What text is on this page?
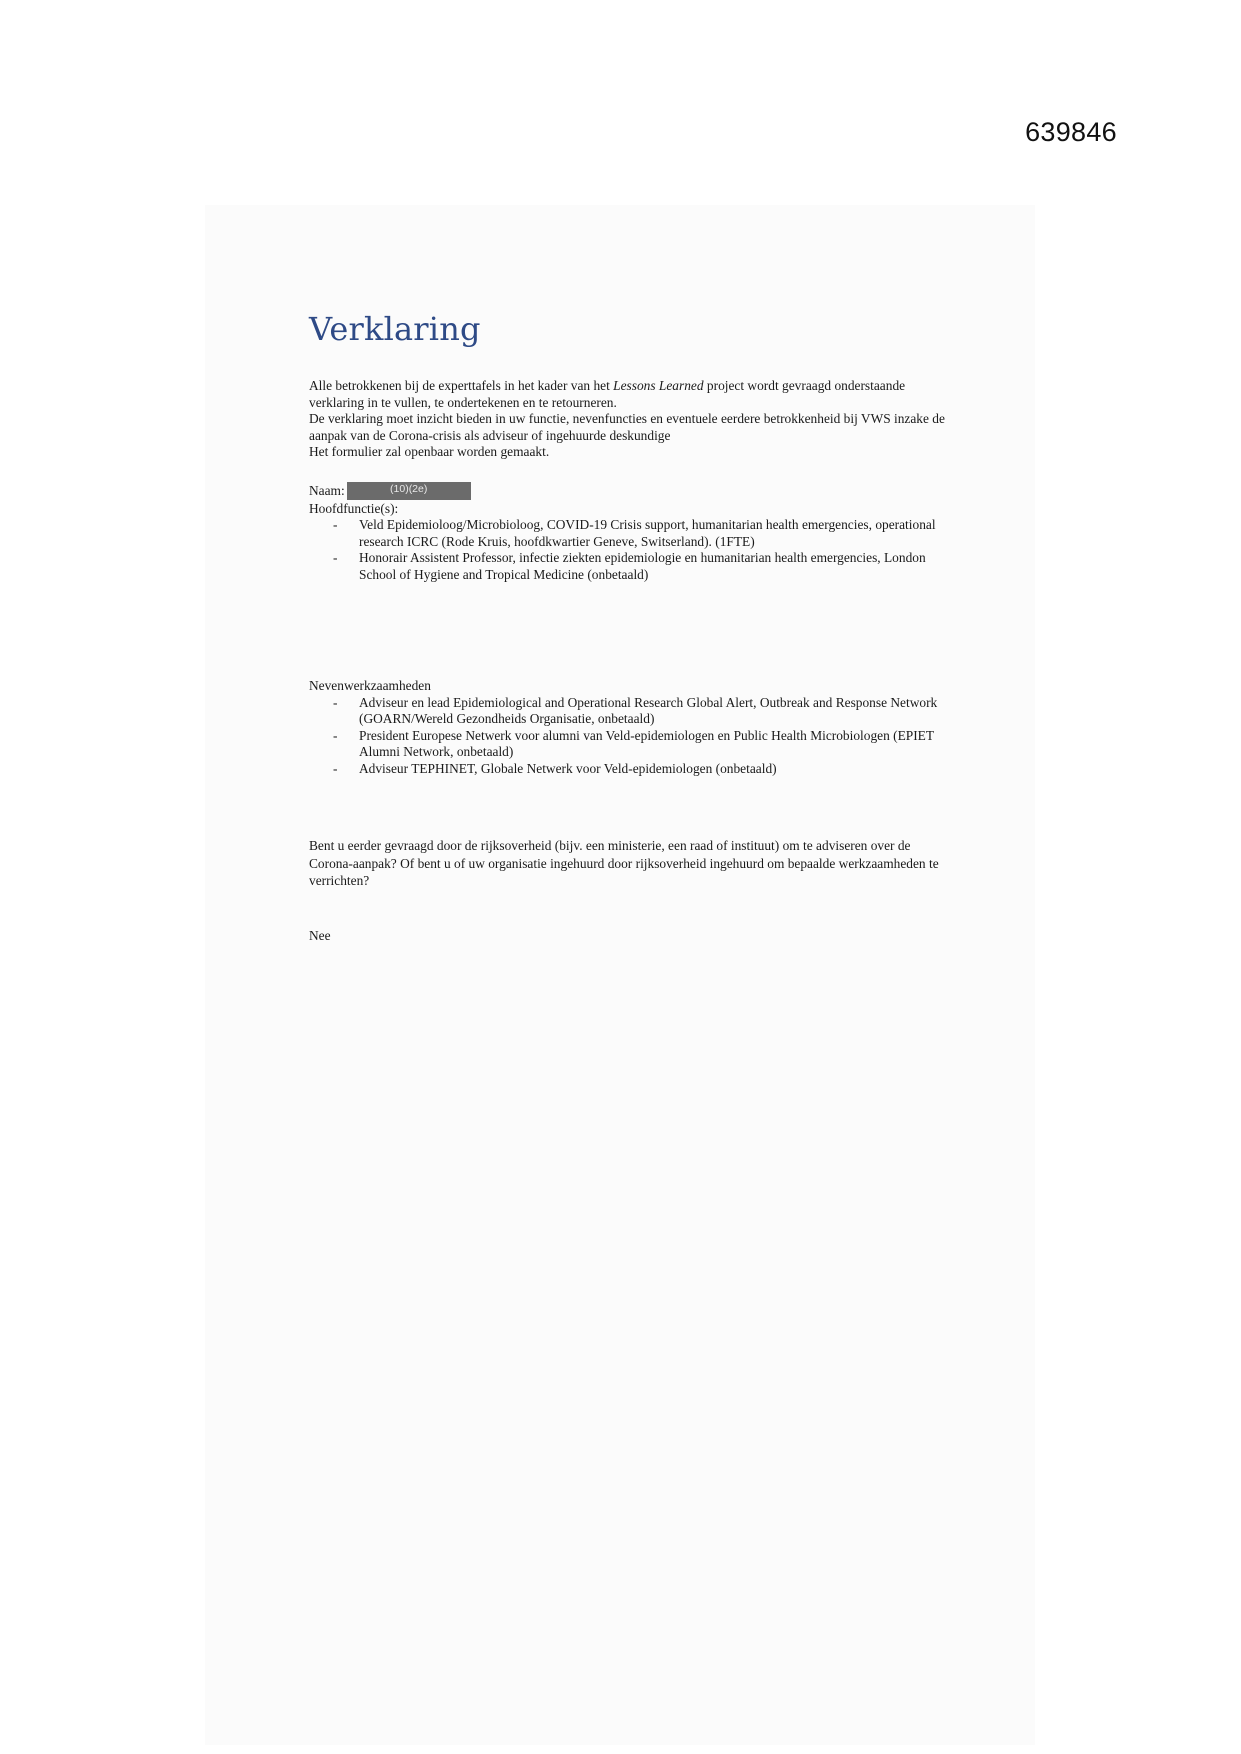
639846
Verklaring

Alle betrokkenen bij de experttafels in het kader van het Lessons Learned project wordt gevraagd onderstaande verklaring in te vullen, te ondertekenen en te retourneren.

De verklaring moet inzicht bieden in uw functie, nevenfuncties en eventuele eerdere betrokkenheid bij VWS inzake de aanpak van de Corona-crisis als adviseur of ingehuurde deskundige

Het formulier zal openbaar worden gemaakt.

Naam:	(10)(2e)

Hoofdfunctie(s):

- Veld Epidemioloog/Microbioloog, COVID-19 Crisis support, humanitarian health emergencies, operational research ICRC (Rode Kruis, hoofdkwartier Geneve, Switserland). (1FTE)
- Honorair Assistent Professor, infectie ziekten epidemiologie en humanitarian health emergencies, London School of Hygiene and Tropical Medicine (onbetaald)

Nevenwerkzaamheden

- Adviseur en lead Epidemiological and Operational Research Global Alert, Outbreak and Response Network (GOARN/Wereld Gezondheids Organisatie, onbetaald)
- President Europese Netwerk voor alumni van Veld-epidemiologen en Public Health Microbiologen (EPIET Alumni Network, onbetaald)
- Adviseur TEPHINET, Globale Netwerk voor Veld-epidemiologen (onbetaald)

Bent u eerder gevraagd door de rijksoverheid (bijv. een ministerie, een raad of instituut) om te adviseren over de Corona-aanpak? Of bent u of uw organisatie ingehuurd door rijksoverheid ingehuurd om bepaalde werkzaamheden te verrichten?

Nee
